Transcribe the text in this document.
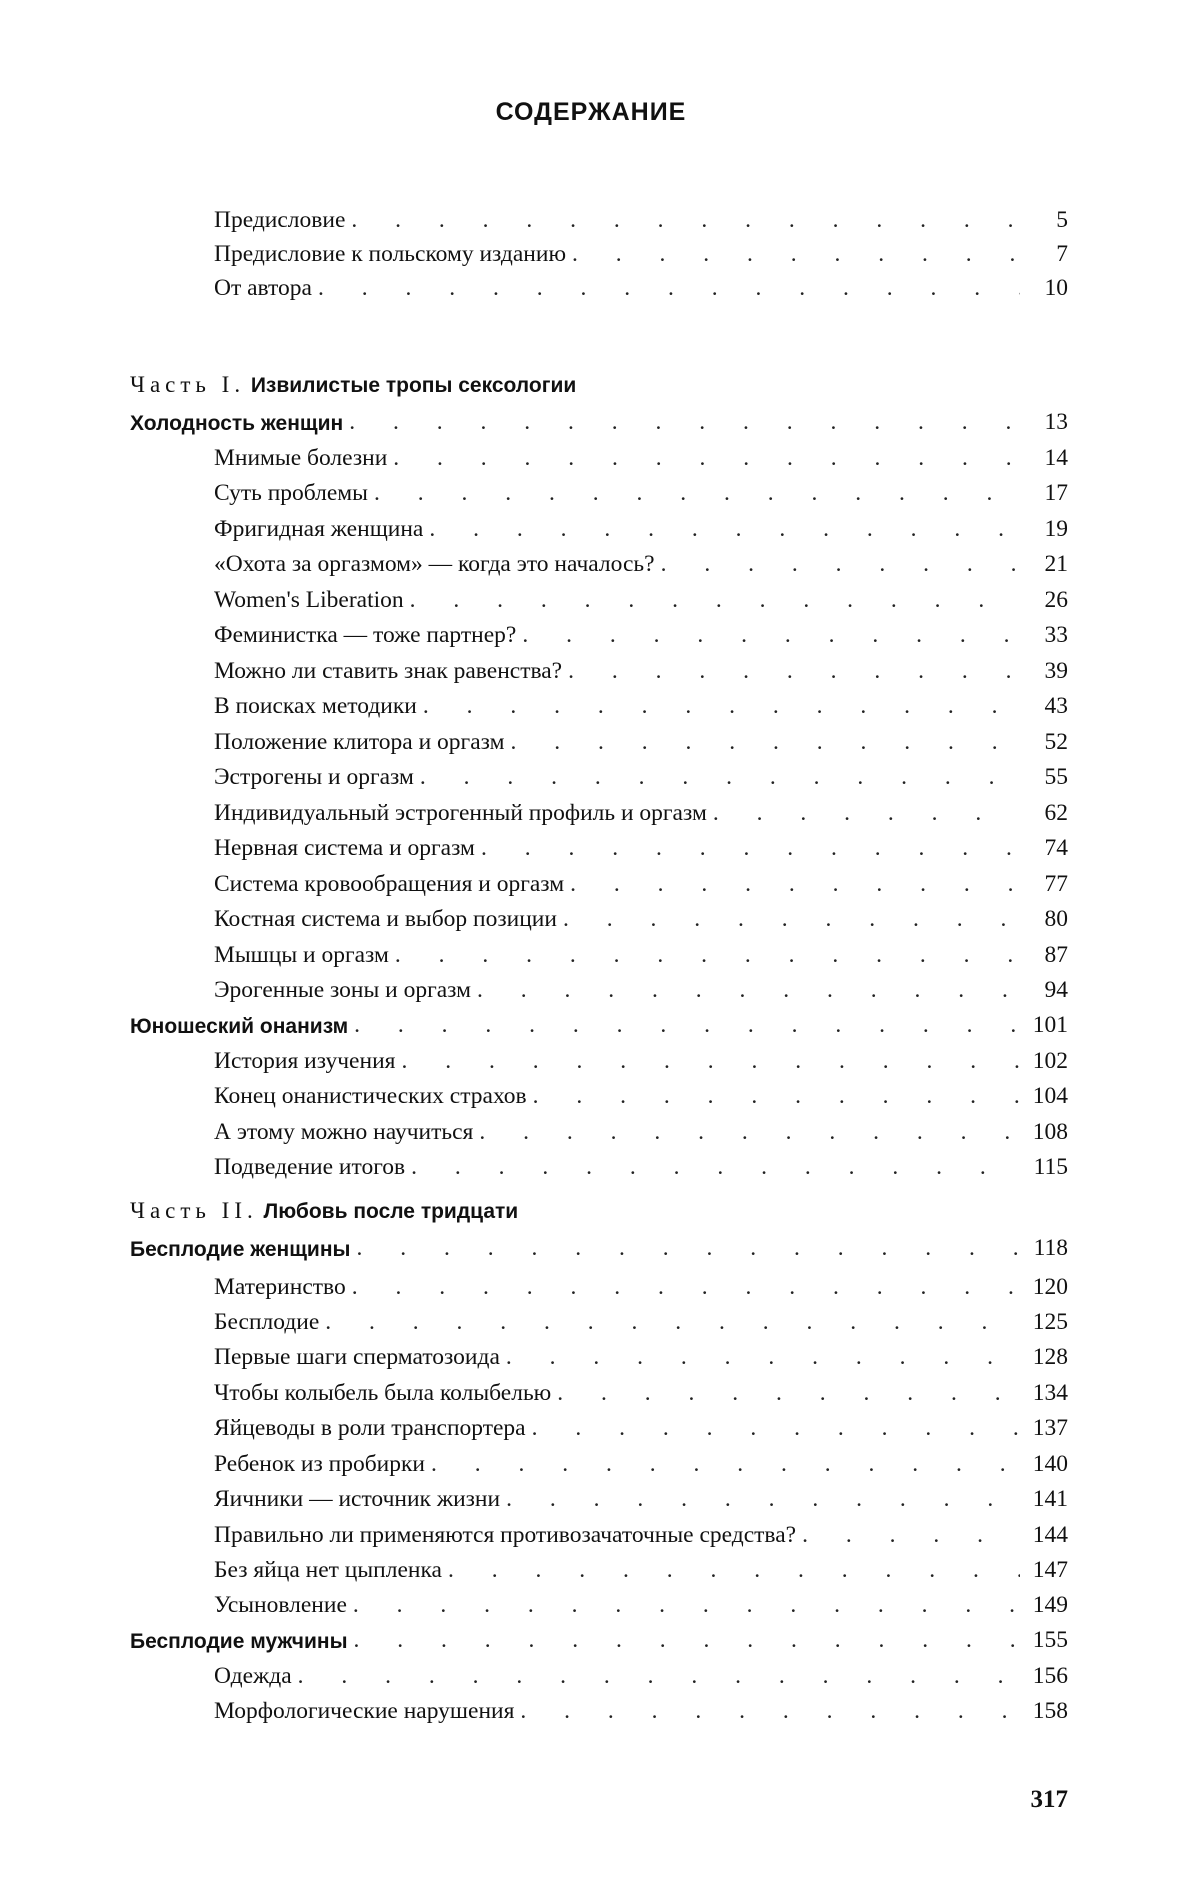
СОДЕРЖАНИЕ
Предисловие
. . .	5
Предисловие к польскому изданию
. . .	7
От автора
. . .	10
Часть I. Извилистые тропы сексологии
Холодность женщин
. . .	13
Мнимые болезни
. . .	14
Суть проблемы
. . .	17
Фригидная женщина
. . .	19
«Охота за оргазмом» — когда это началось?
. . .	21
Women's Liberation
. . .	26
Феминистка — тоже партнер?
. . .	33
Можно ли ставить знак равенства?
. . .	39
В поисках методики
. . .	43
Положение клитора и оргазм
. . .	52
Эстрогены и оргазм
. . .	55
Индивидуальный эстрогенный профиль и оргазм
. . .	62
Нервная система и оргазм
. . .	74
Система кровообращения и оргазм
. . .	77
Костная система и выбор позиции
. . .	80
Мышцы и оргазм
. . .	87
Эрогенные зоны и оргазм
. . .	94
Юношеский онанизм
. . .	101
История изучения
. . .	102
Конец онанистических страхов
. . .	104
А этому можно научиться
. . .	108
Подведение итогов
. . .	115
Часть II. Любовь после тридцати
Бесплодие женщины
. . .	118
Материнство
. . .	120
Бесплодие
. . .	125
Первые шаги сперматозоида
. . .	128
Чтобы колыбель была колыбелью
. . .	134
Яйцеводы в роли транспортера
. . .	137
Ребенок из пробирки
. . .	140
Яичники — источник жизни
. . .	141
Правильно ли применяются противозачаточные средства?
. . .	144
Без яйца нет цыпленка
. . .	147
Усыновление
. . .	149
Бесплодие мужчины
. . .	155
Одежда
. . .	156
Морфологические нарушения
. . .	158
317
